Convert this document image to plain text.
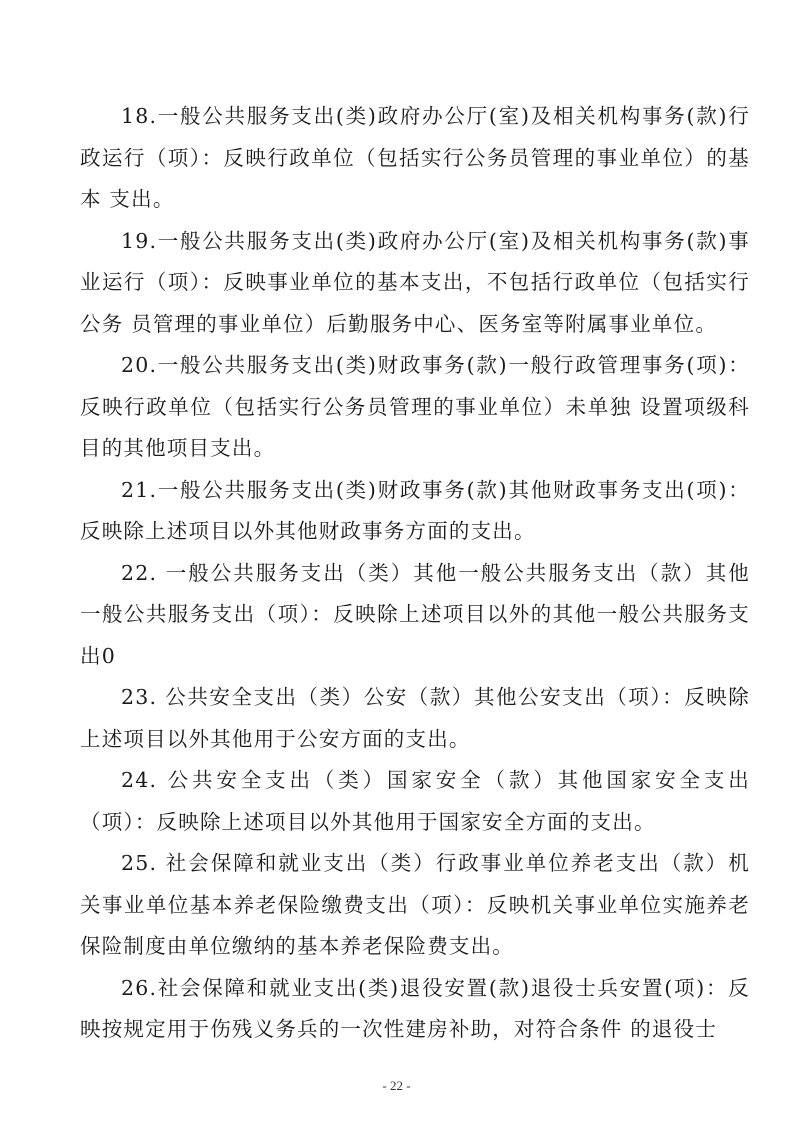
18.一般公共服务支出(类)政府办公厅(室)及相关机构事务(款)行政运行（项）：反映行政单位（包括实行公务员管理的事业单位）的基本 支出。

19.一般公共服务支出(类)政府办公厅(室)及相关机构事务(款)事业运行（项）：反映事业单位的基本支出，不包括行政单位（包括实行公务 员管理的事业单位）后勤服务中心、医务室等附属事业单位。

20.一般公共服务支出(类)财政事务(款)一般行政管理事务(项)：反映行政单位（包括实行公务员管理的事业单位）未单独 设置项级科目的其他项目支出。

21.一般公共服务支出(类)财政事务(款)其他财政事务支出(项)：反映除上述项目以外其他财政事务方面的支出。

22. 一般公共服务支出（类）其他一般公共服务支出（款）其他一般公共服务支出（项）：反映除上述项目以外的其他一般公共服务支出0

23. 公共安全支出（类）公安（款）其他公安支出（项）：反映除上述项目以外其他用于公安方面的支出。

24. 公共安全支出（类）国家安全（款）其他国家安全支出（项）：反映除上述项目以外其他用于国家安全方面的支出。

25. 社会保障和就业支出（类）行政事业单位养老支出（款）机关事业单位基本养老保险缴费支出（项）：反映机关事业单位实施养老保险制度由单位缴纳的基本养老保险费支出。

26.社会保障和就业支出(类)退役安置(款)退役士兵安置(项)：反映按规定用于伤残义务兵的一次性建房补助，对符合条件 的退役士

- 22 -
